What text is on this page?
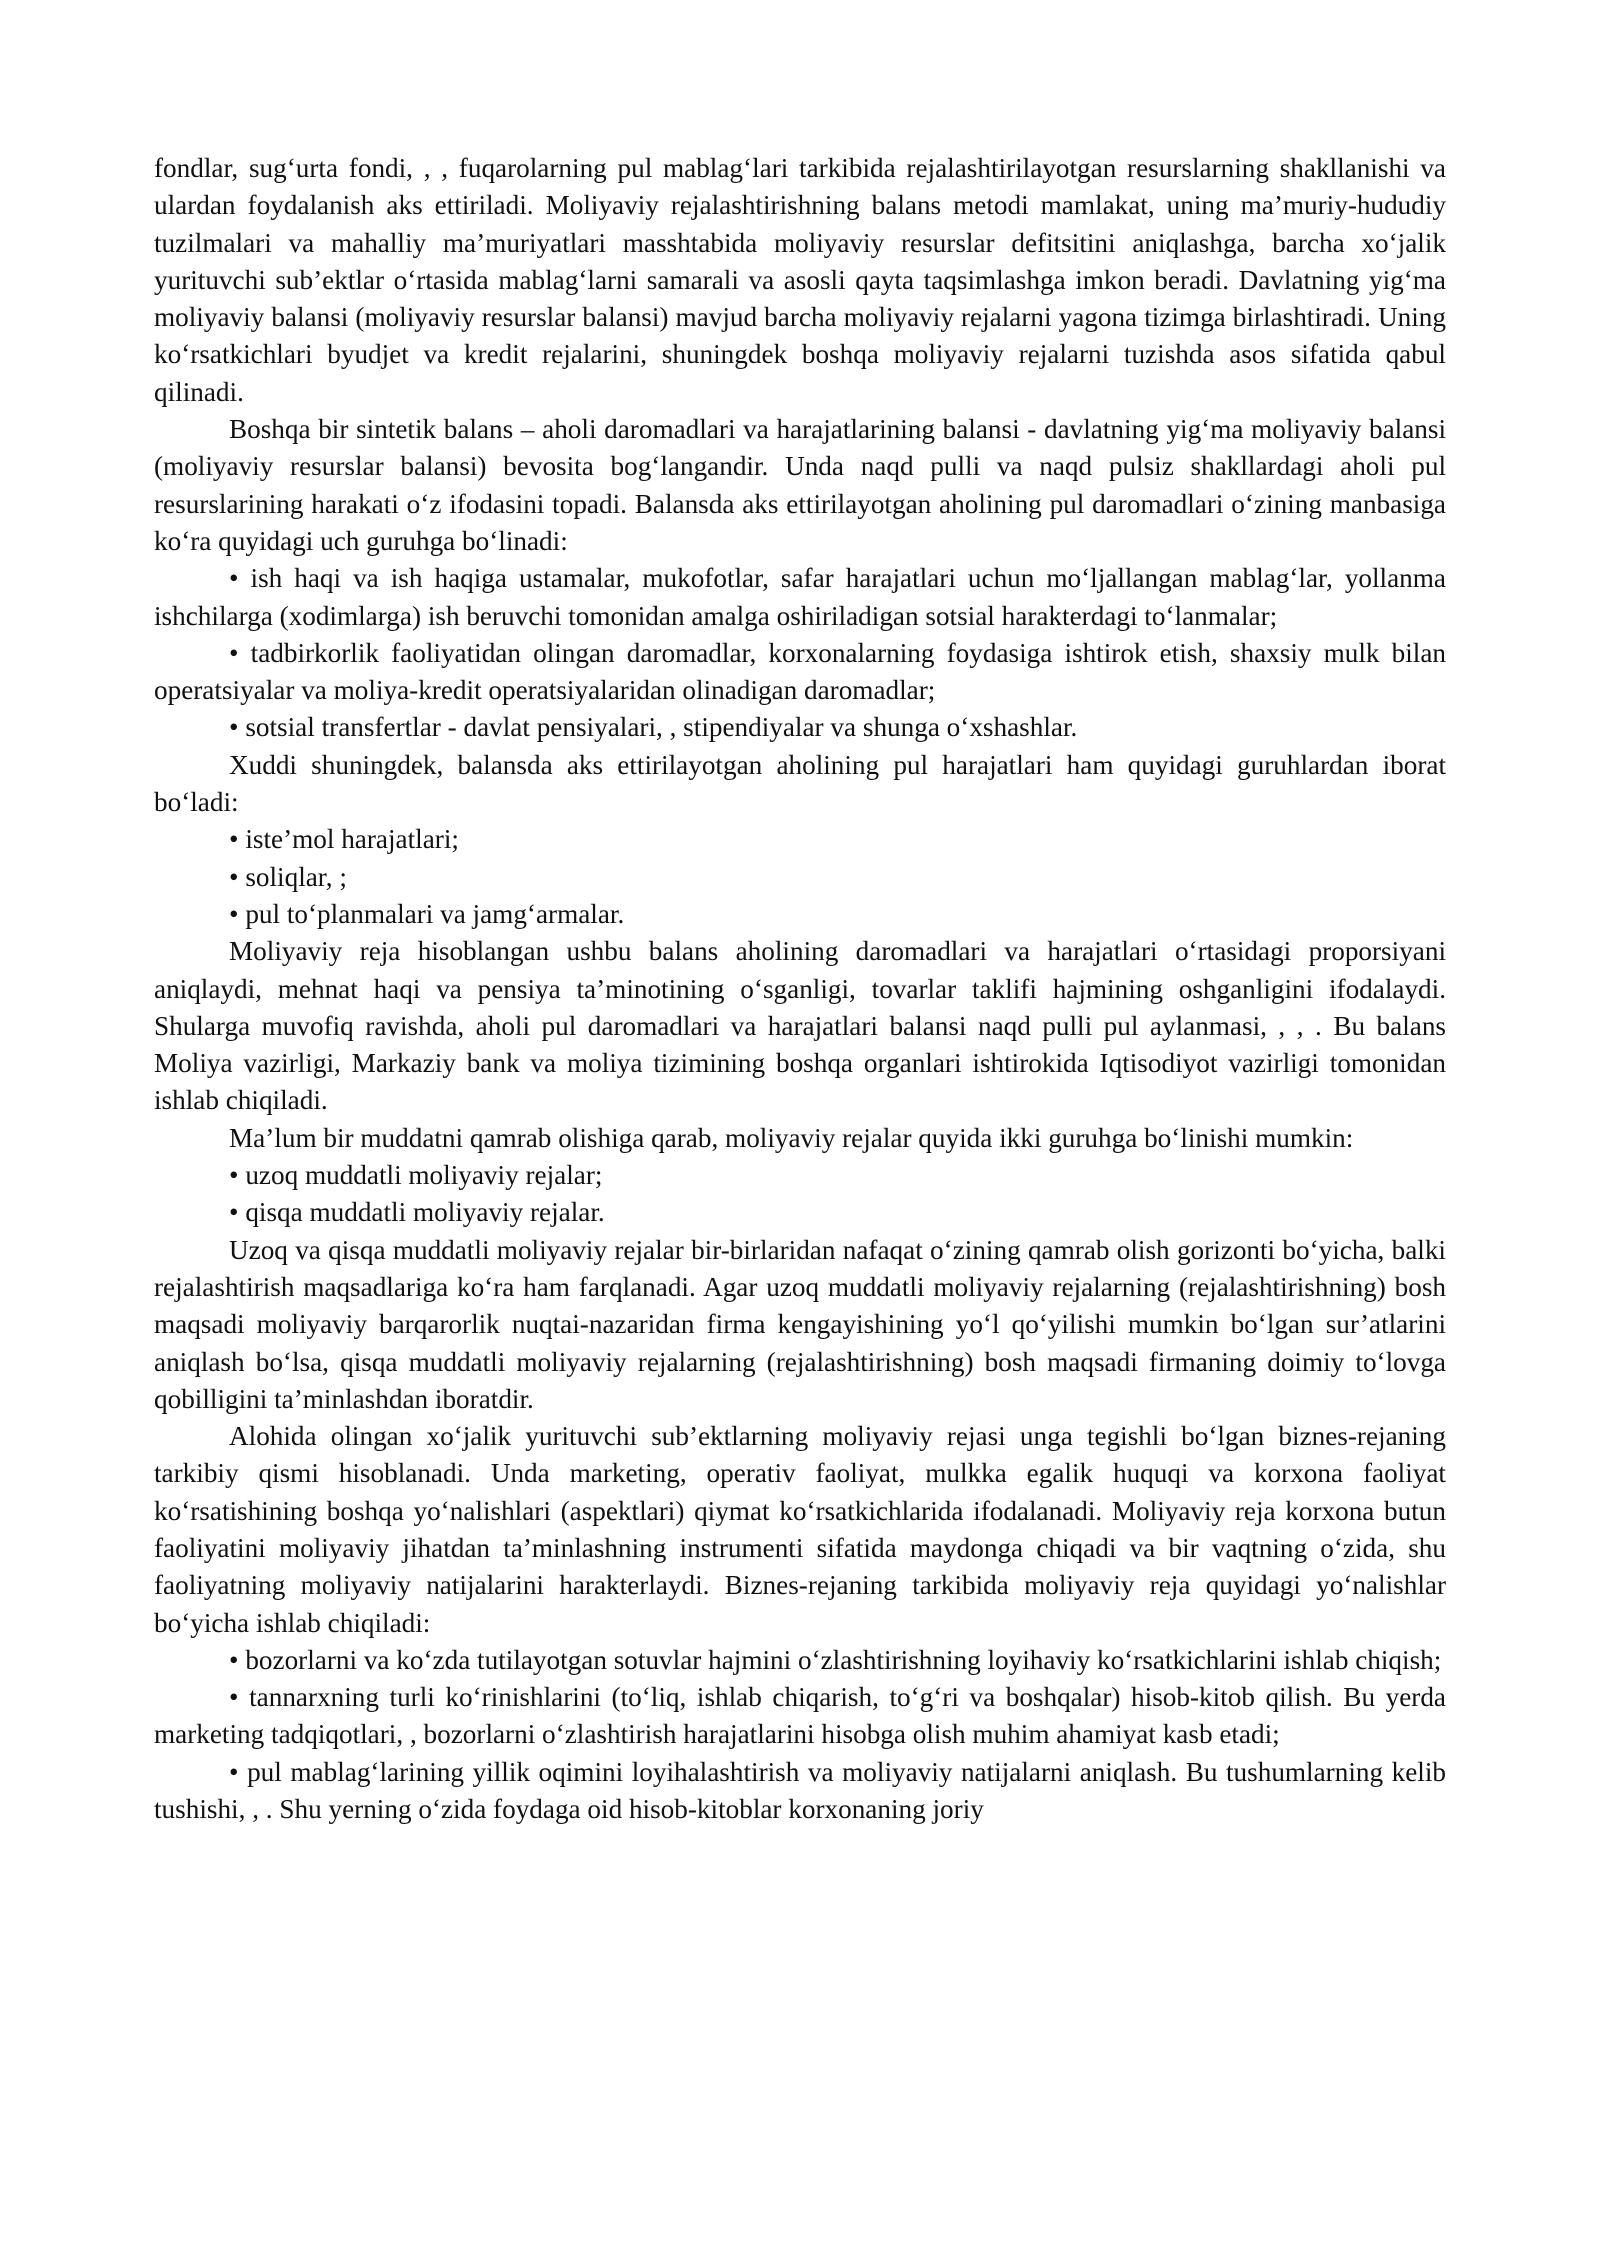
fondlar, sug‘urta fondi, , , fuqarolarning pul mablag‘lari tarkibida rejalashtirilayotgan resurslarning shakllanishi va ulardan foydalanish aks ettiriladi. Moliyaviy rejalashtirishning balans metodi mamlakat, uning ma’muriy-hududiy tuzilmalari va mahalliy ma’muriyatlari masshtabida moliyaviy resurslar defitsitini aniqlashga, barcha xo‘jalik yurituvchi sub’ektlar o‘rtasida mablag‘larni samarali va asosli qayta taqsimlashga imkon beradi. Davlatning yig‘ma moliyaviy balansi (moliyaviy resurslar balansi) mavjud barcha moliyaviy rejalarni yagona tizimga birlashtiradi. Uning ko‘rsatkichlari byudjet va kredit rejalarini, shuningdek boshqa moliyaviy rejalarni tuzishda asos sifatida qabul qilinadi.

Boshqa bir sintetik balans – aholi daromadlari va harajatlarining balansi - davlatning yig‘ma moliyaviy balansi (moliyaviy resurslar balansi) bevosita bog‘langandir. Unda naqd pulli va naqd pulsiz shakllardagi aholi pul resurslarining harakati o‘z ifodasini topadi. Balansda aks ettirilayotgan aholining pul daromadlari o‘zining manbasiga ko‘ra quyidagi uch guruhga bo‘linadi:

• ish haqi va ish haqiga ustamalar, mukofotlar, safar harajatlari uchun mo‘ljallangan mablag‘lar, yollanma ishchilarga (xodimlarga) ish beruvchi tomonidan amalga oshiriladigan sotsial harakterdagi to‘lanmalar;

• tadbirkorlik faoliyatidan olingan daromadlar, korxonalarning foydasiga ishtirok etish, shaxsiy mulk bilan operatsiyalar va moliya-kredit operatsiyalaridan olinadigan daromadlar;

• sotsial transfertlar - davlat pensiyalari, , stipendiyalar va shunga o‘xshashlar.

Xuddi shuningdek, balansda aks ettirilayotgan aholining pul harajatlari ham quyidagi guruhlardan iborat bo‘ladi:

• iste’mol harajatlari;

• soliqlar, ;

• pul to‘planmalari va jamg‘armalar.

Moliyaviy reja hisoblangan ushbu balans aholining daromadlari va harajatlari o‘rtasidagi proporsiyani aniqlaydi, mehnat haqi va pensiya ta’minotining o‘sganligi, tovarlar taklifi hajmining oshganligini ifodalaydi. Shularga muvofiq ravishda, aholi pul daromadlari va harajatlari balansi naqd pulli pul aylanmasi, , , . Bu balans Moliya vazirligi, Markaziy bank va moliya tizimining boshqa organlari ishtirokida Iqtisodiyot vazirligi tomonidan ishlab chiqiladi.

Ma’lum bir muddatni qamrab olishiga qarab, moliyaviy rejalar quyida ikki guruhga bo‘linishi mumkin:

• uzoq muddatli moliyaviy rejalar;

• qisqa muddatli moliyaviy rejalar.

Uzoq va qisqa muddatli moliyaviy rejalar bir-birlaridan nafaqat o‘zining qamrab olish gorizonti bo‘yicha, balki rejalashtirish maqsadlariga ko‘ra ham farqlanadi. Agar uzoq muddatli moliyaviy rejalarning (rejalashtirishning) bosh maqsadi moliyaviy barqarorlik nuqtai-nazaridan firma kengayishining yo‘l qo‘yilishi mumkin bo‘lgan sur’atlarini aniqlash bo‘lsa, qisqa muddatli moliyaviy rejalarning (rejalashtirishning) bosh maqsadi firmaning doimiy to‘lovga qobilligini ta’minlashdan iboratdir.

Alohida olingan xo‘jalik yurituvchi sub’ektlarning moliyaviy rejasi unga tegishli bo‘lgan biznes-rejaning tarkibiy qismi hisoblanadi. Unda marketing, operativ faoliyat, mulkka egalik huquqi va korxona faoliyat ko‘rsatishining boshqa yo‘nalishlari (aspektlari) qiymat ko‘rsatkichlarida ifodalanadi. Moliyaviy reja korxona butun faoliyatini moliyaviy jihatdan ta’minlashning instrumenti sifatida maydonga chiqadi va bir vaqtning o‘zida, shu faoliyatning moliyaviy natijalarini harakterlaydi. Biznes-rejaning tarkibida moliyaviy reja quyidagi yo‘nalishlar bo‘yicha ishlab chiqiladi:

• bozorlarni va ko‘zda tutilayotgan sotuvlar hajmini o‘zlashtirishning loyihaviy ko‘rsatkichlarini ishlab chiqish;

• tannarxning turli ko‘rinishlarini (to‘liq, ishlab chiqarish, to‘g‘ri va boshqalar) hisob-kitob qilish. Bu yerda marketing tadqiqotlari, , bozorlarni o‘zlashtirish harajatlarini hisobga olish muhim ahamiyat kasb etadi;

• pul mablag‘larining yillik oqimini loyihalashtirish va moliyaviy natijalarni aniqlash. Bu tushumlarning kelib tushishi, , . Shu yerning o‘zida foydaga oid hisob-kitoblar korxonaning joriy
